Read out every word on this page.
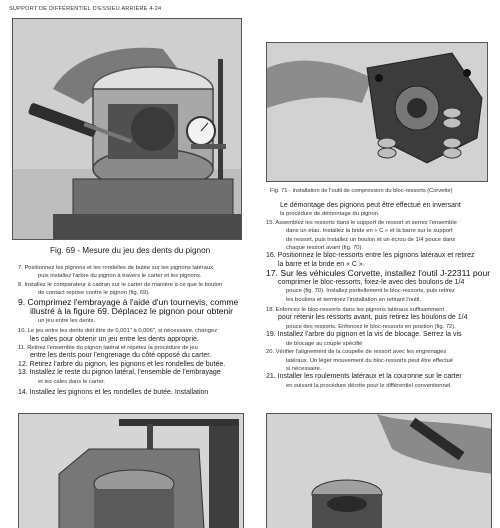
SUPPORT DE DIFFÉRENTIEL D'ESSIEU ARRIÈRE 4-24
Fig. 69 - Mesure du jeu des dents du pignon
Fig. 71 - Installation de l'outil de compression du bloc-ressorts (Corvette)
7. Positionnez les pignons et les rondelles de butée sur les pignons latéraux,
puis installez l'arbre du pignon à travers le carter et les pignons.
8. Installez le comparateur à cadran sur le carter de manière à ce que le bouton
de contact repose contre le pignon (fig. 69).
9. Comprimez l'embrayage à l'aide d'un tournevis, comme
illustré à la figure 69. Déplacez le pignon pour obtenir
un jeu entre les dents.
10. Le jeu entre les dents doit être de 0,001" à 0,006", si nécessaire, changez
les cales pour obtenir un jeu entre les dents approprié.
11. Retirez l'ensemble du pignon latéral et répétez la procédure de jeu
entre les dents pour l'engrenage du côté opposé du carter.
12. Retirez l'arbre du pignon, les pignons et les rondelles de butée.
13. Installez le reste du pignon latéral, l'ensemble de l'embrayage
et les cales dans le carter.
14. Installez les pignons et les rondelles de butée. Installation
Le démontage des pignons peut être effectué en inversant
la procédure de démontage du pignon.
15. Assemblez les ressorts dans le support de ressort et serrez l'ensemble
dans un étau. Installez la bride en « C » et la barre sur le support
de ressort, puis installez un boulon et un écrou de 1/4 pouce dans
chaque ressort avant (fig. 70).
16. Positionnez le bloc-ressorts entre les pignons latéraux et retirez
la barre et la bride en « C ».
17. Sur les véhicules Corvette, installez l'outil J-22311 pour
comprimer le bloc-ressorts, fixez-le avec des boulons de 1/4
pouce (fig. 70). Installez partiellement le bloc-ressorts, puis retirez
les boulons et terminez l'installation en retirant l'outil.
18. Enfoncez le bloc-ressorts dans les pignons latéraux suffisamment
pour retenir les ressorts avant, puis retirez les boulons de 1/4
pouce des ressorts. Enfoncez le bloc-ressorts en position (fig. 72).
19. Installez l'arbre du pignon et la vis de blocage. Serrez la vis
de blocage au couple spécifié
20. Vérifier l'alignement de la coupelle de ressort avec les engrenages
latéraux. Un léger mouvement du bloc-ressorts peut être effectué
si nécessaire.
21. Installer les roulements latéraux et la couronne sur le carter
en suivant la procédure décrite pour le différentiel conventionnel.
